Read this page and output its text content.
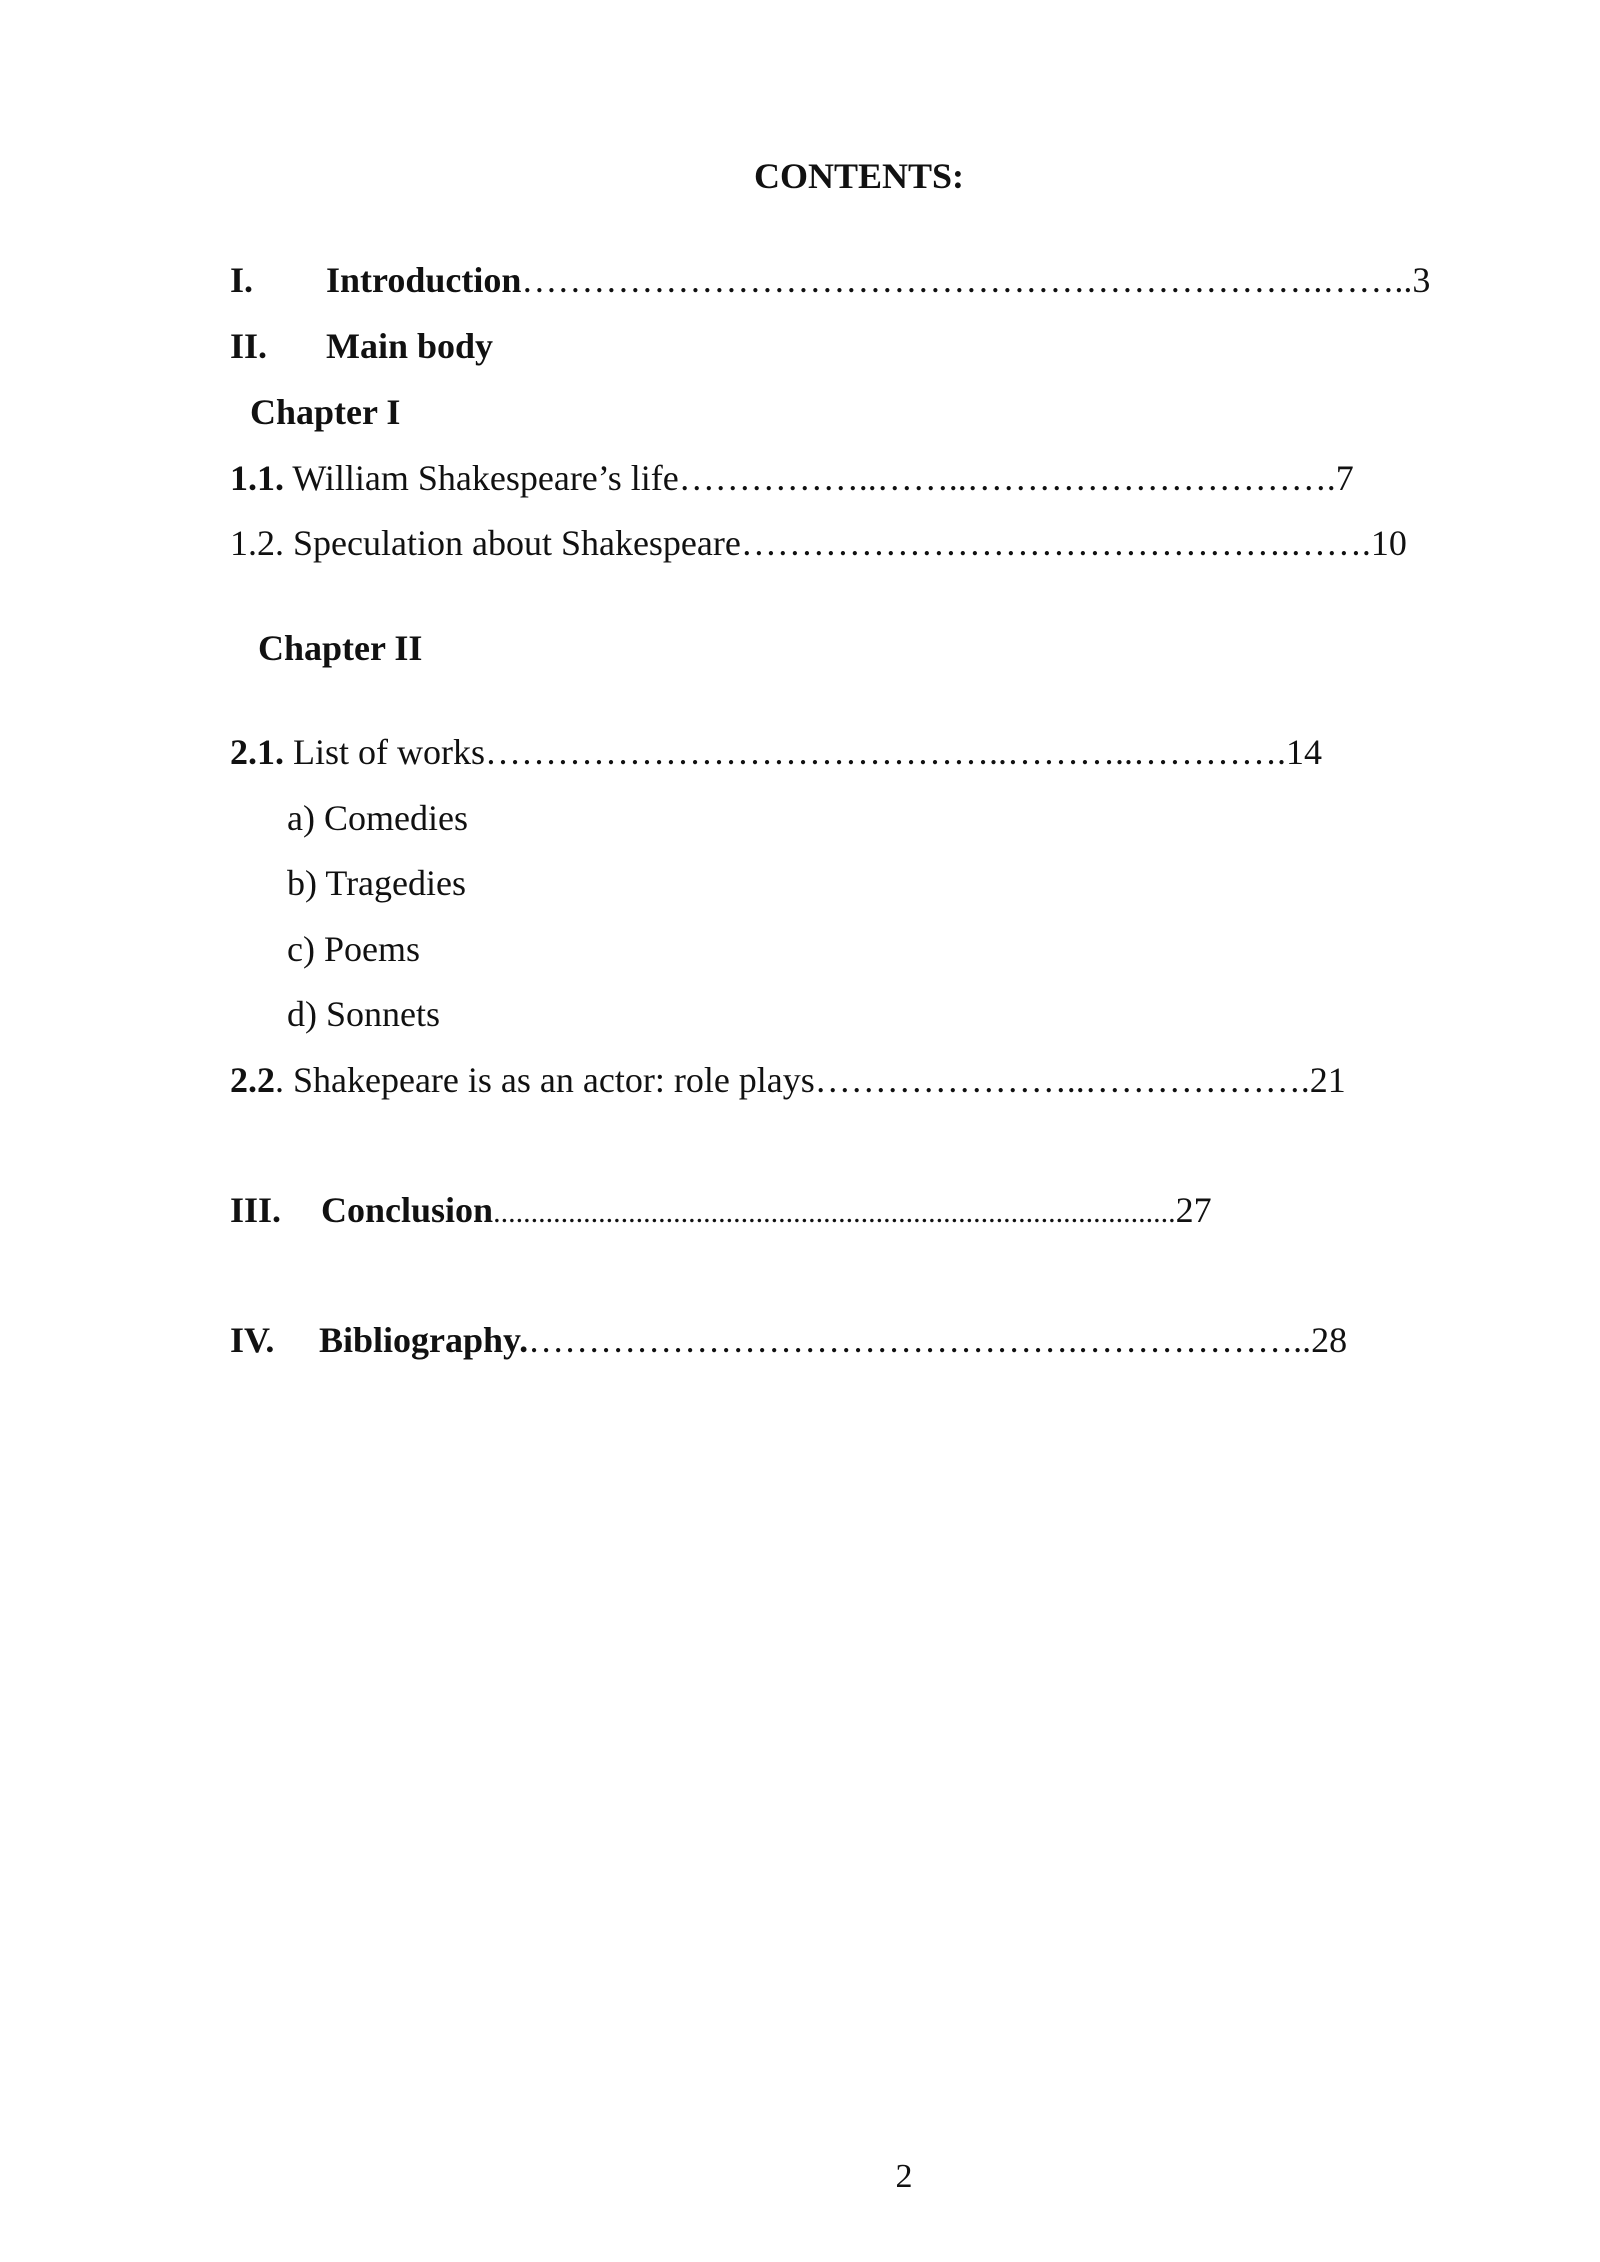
CONTENTS:
I. Introduction………………………………………………………….……..3
II. Main body
Chapter I
1.1. William Shakespeare’s life……………..……..………………………….7
1.2. Speculation about Shakespeare……………………………………….…….10
Chapter II
2.1. List of works……………………………………..………..………….14
a) Comedies
b) Tragedies
c) Poems
d) Sonnets
2.2. Shakepeare is as an actor: role plays…………………..……………….21
III. Conclusion...........................................................................................27
IV. Bibliography.……………………………………….………………..28
2
